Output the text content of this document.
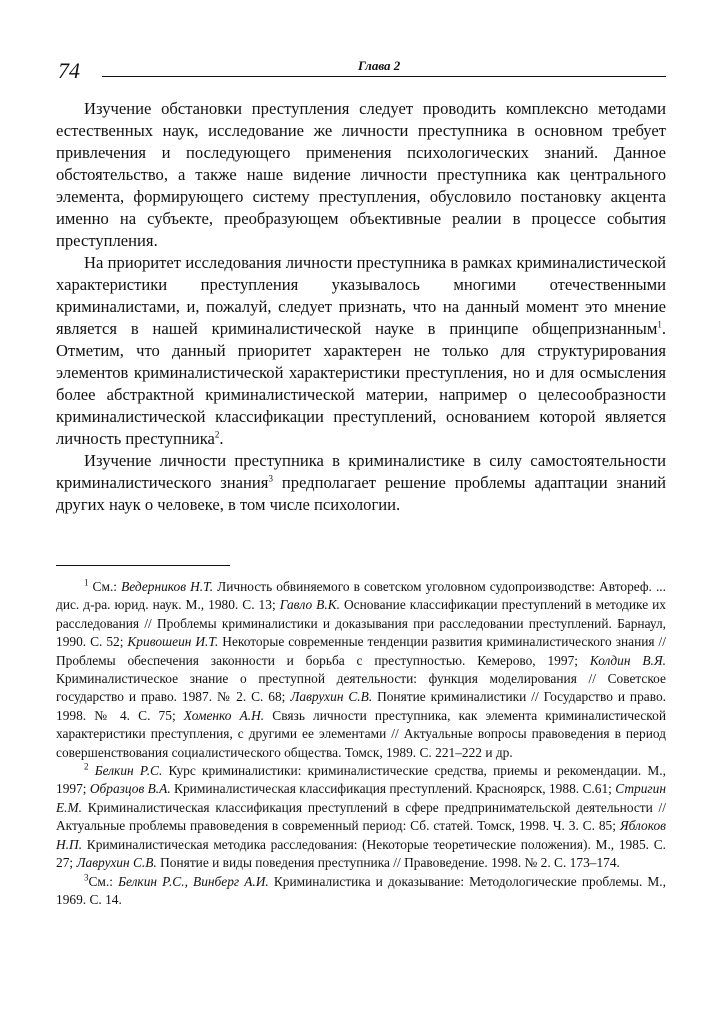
74	Глава 2

Изучение обстановки преступления следует проводить комплексно методами естественных наук, исследование же личности преступника в основном требует привлечения и последующего применения психологических знаний. Данное обстоятельство, а также наше видение личности преступника как центрального элемента, формирующего систему преступления, обусловило постановку акцента именно на субъекте, преобразующем объективные реалии в процессе события преступления.

На приоритет исследования личности преступника в рамках криминалистической характеристики преступления указывалось многими отечественными криминалистами, и, пожалуй, следует признать, что на данный момент это мнение является в нашей криминалистической науке в принципе общепризнанным$^1$. Отметим, что данный приоритет характерен не только для структурирования элементов криминалистической характеристики преступления, но и для осмысления более абстрактной криминалистической материи, например о целесообразности криминалистической классификации преступлений, основанием которой является личность преступника$^2$.

Изучение личности преступника в криминалистике в силу самостоятельности криминалистического знания$^3$ предполагает решение проблемы адаптации знаний других наук о человеке, в том числе психологии.

$^1$ См.: Ведерников Н.Т. Личность обвиняемого в советском уголовном судопроизводстве: Автореф. ... дис. д-ра. юрид. наук. М., 1980. С. 13; Гавло В.К. Основание классификации преступлений в методике их расследования // Проблемы криминалистики и доказывания при расследовании преступлений. Барнаул, 1990. С. 52; Кривошеин И.Т. Некоторые современные тенденции развития криминалистического знания // Проблемы обеспечения законности и борьба с преступностью. Кемерово, 1997; Колдин В.Я. Криминалистическое знание о преступной деятельности: функция моделирования // Советское государство и право. 1987. № 2. С. 68; Лаврухин С.В. Понятие криминалистики // Государство и право. 1998. № 4. С. 75; Хоменко А.Н. Связь личности преступника, как элемента криминалистической характеристики преступления, с другими ее элементами // Актуальные вопросы правоведения в период совершенствования социалистического общества. Томск, 1989. С. 221–222 и др.

$^2$ Белкин Р.С. Курс криминалистики: криминалистические средства, приемы и рекомендации. М., 1997; Образцов В.А. Криминалистическая классификация преступлений. Красноярск, 1988. С.61; Стригин Е.М. Криминалистическая классификация преступлений в сфере предпринимательской деятельности // Актуальные проблемы правоведения в современный период: Сб. статей. Томск, 1998. Ч. 3. С. 85; Яблоков Н.П. Криминалистическая методика расследования: (Некоторые теоретические положения). М., 1985. С. 27; Лаврухин С.В. Понятие и виды поведения преступника // Правоведение. 1998. № 2. С. 173–174.

$^3$См.: Белкин Р.С., Винберг А.И. Криминалистика и доказывание: Методологические проблемы. М., 1969. С. 14.
